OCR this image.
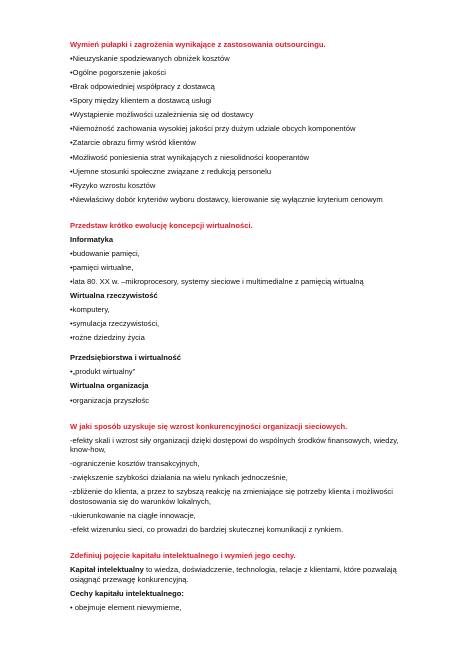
Wymień pułapki i zagrożenia wynikające z zastosowania outsourcingu.

•Nieuzyskanie spodziewanych obniżek kosztów

•Ogólne pogorszenie jakości

•Brak odpowiedniej współpracy z dostawcą

•Spory między klientem a dostawcą usługi

•Wystąpienie możliwości uzależnienia się od dostawcy

•Niemożność zachowania wysokiej jakości przy dużym udziale obcych komponentów

•Zatarcie obrazu firmy wśród klientów

•Możliwość poniesienia strat wynikających z niesolidności kooperantów

•Ujemne stosunki społeczne związane z redukcją personelu

•Ryzyko wzrostu kosztów

•Niewłaściwy dobór kryteriów wyboru dostawcy, kierowanie się wyłącznie kryterium cenowym

Przedstaw krótko ewolucję koncepcji wirtualności.

Informatyka

•budowanie pamięci,

•pamięci wirtualne,

•lata 80. XX w. –mikroprocesory, systemy sieciowe i multimedialne z pamięcią wirtualną

Wirtualna rzeczywistość

•komputery,

•symulacja rzeczywistości,

•rożne dziedziny życia

Przedsiębiorstwa i wirtualność

•„produkt wirtualny”

Wirtualna organizacja

•organizacja przyszłośc

W jaki sposób uzyskuje się wzrost konkurencyjności organizacji sieciowych.

-efekty skali i wzrost siły organizacji dzięki dostępowi do wspólnych środków finansowych, wiedzy,

know-how,

-ograniczenie kosztów transakcyjnych,

-zwiększenie szybkości działania na wielu rynkach jednocześnie,

-zbliżenie do klienta, a przez to szybszą reakcję na zmieniające się potrzeby klienta i możliwości

dostosowania się do warunków lokalnych,

-ukierunkowanie na ciągłe innowacje,

-efekt wizerunku sieci, co prowadzi do bardziej skutecznej komunikacji z rynkiem.

Zdefiniuj pojęcie kapitału intelektualnego i wymień jego cechy.

Kapitał intelektualny to wiedza, doświadczenie, technologia, relacje z klientami, które pozwalają

osiągnąć przewagę konkurencyjną.

Cechy kapitału intelektualnego:

• obejmuje element niewymierne,
